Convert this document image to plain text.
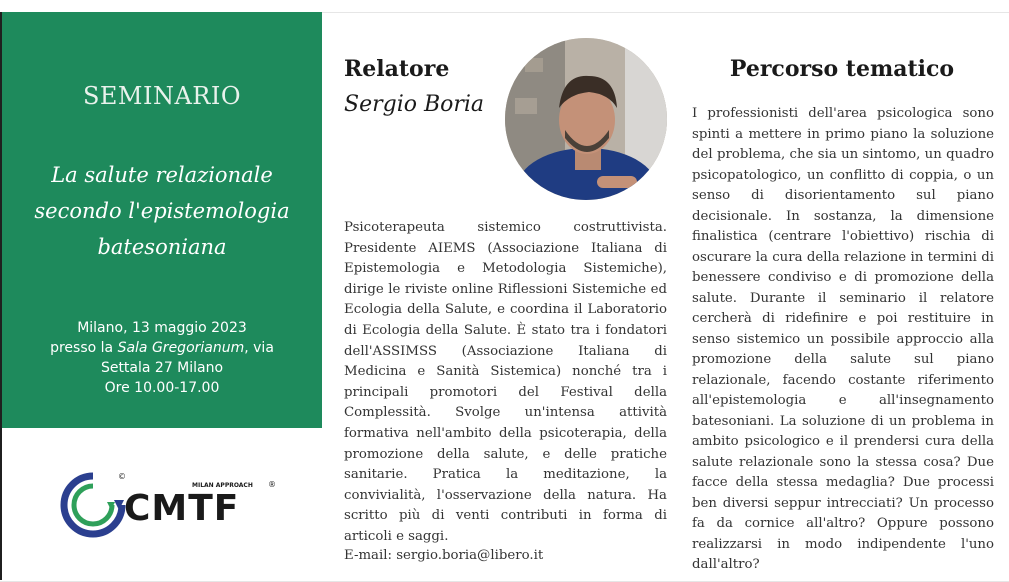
SEMINARIO
La salute relazionale secondo l'epistemologia batesoniana
Milano, 13 maggio 2023
presso la Sala Gregorianum, via
Settala 27 Milano
Ore 10.00-17.00
©
MILAN APPROACH ®
CMTF
Relatore
Sergio Boria
Psicoterapeuta sistemico costruttivista. Presidente AIEMS (Associazione Italiana di Epistemologia e Metodologia Sistemiche), dirige le riviste online Riflessioni Sistemiche ed Ecologia della Salute, e coordina il Laboratorio di Ecologia della Salute. È stato tra i fondatori dell'ASSIMSS (Associazione Italiana di Medicina e Sanità Sistemica) nonché tra i principali promotori del Festival della Complessità. Svolge un'intensa attività formativa nell'ambito della psicoterapia, della promozione della salute, e delle pratiche sanitarie. Pratica la meditazione, la convivialità, l'osservazione della natura. Ha scritto più di venti contributi in forma di articoli e saggi.
E-mail: sergio.boria@libero.it
Percorso tematico
I professionisti dell'area psicologica sono spinti a mettere in primo piano la soluzione del problema, che sia un sintomo, un quadro psicopatologico, un conflitto di coppia, o un senso di disorientamento sul piano decisionale. In sostanza, la dimensione finalistica (centrare l'obiettivo) rischia di oscurare la cura della relazione in termini di benessere condiviso e di promozione della salute. Durante il seminario il relatore cercherà di ridefinire e poi restituire in senso sistemico un possibile approccio alla promozione della salute sul piano relazionale, facendo costante riferimento all'epistemologia e all'insegnamento batesoniani. La soluzione di un problema in ambito psicologico e il prendersi cura della salute relazionale sono la stessa cosa? Due facce della stessa medaglia? Due processi ben diversi seppur intrecciati? Un processo fa da cornice all'altro? Oppure possono realizzarsi in modo indipendente l'uno dall'altro?
